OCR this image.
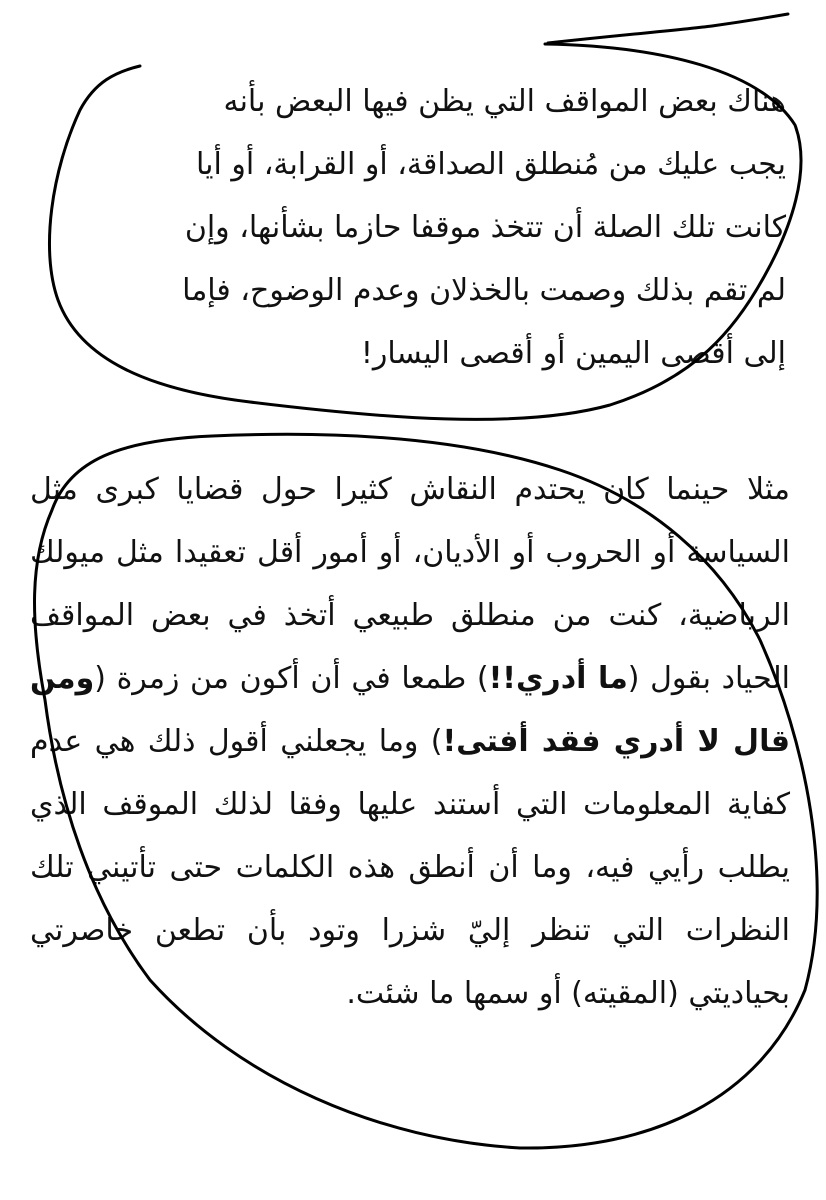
هناك بعض المواقف التي يظن فيها البعض بأنه
يجب عليك من مُنطلق الصداقة، أو القرابة، أو أيا
كانت تلك الصلة أن تتخذ موقفا حازما بشأنها، وإن
لم تقم بذلك وصمت بالخذلان وعدم الوضوح، فإما
إلى أقصى اليمين أو أقصى اليسار!
مثلا حينما كان يحتدم النقاش كثيرا حول قضايا كبرى مثل السياسة أو الحروب أو الأديان، أو أمور أقل تعقيدا مثل ميولك الرياضية، كنت من منطلق طبيعي أتخذ في بعض المواقف الحياد بقول (ما أدري!!) طمعا في أن أكون من زمرة (ومن قال لا أدري فقد أفتى!) وما يجعلني أقول ذلك هي عدم كفاية المعلومات التي أستند عليها وفقا لذلك الموقف الذي يطلب رأيي فيه، وما أن أنطق هذه الكلمات حتى تأتيني تلك النظرات التي تنظر إليّ شزرا وتود بأن تطعن خاصرتي بحياديتي (المقيته) أو سمها ما شئت.
